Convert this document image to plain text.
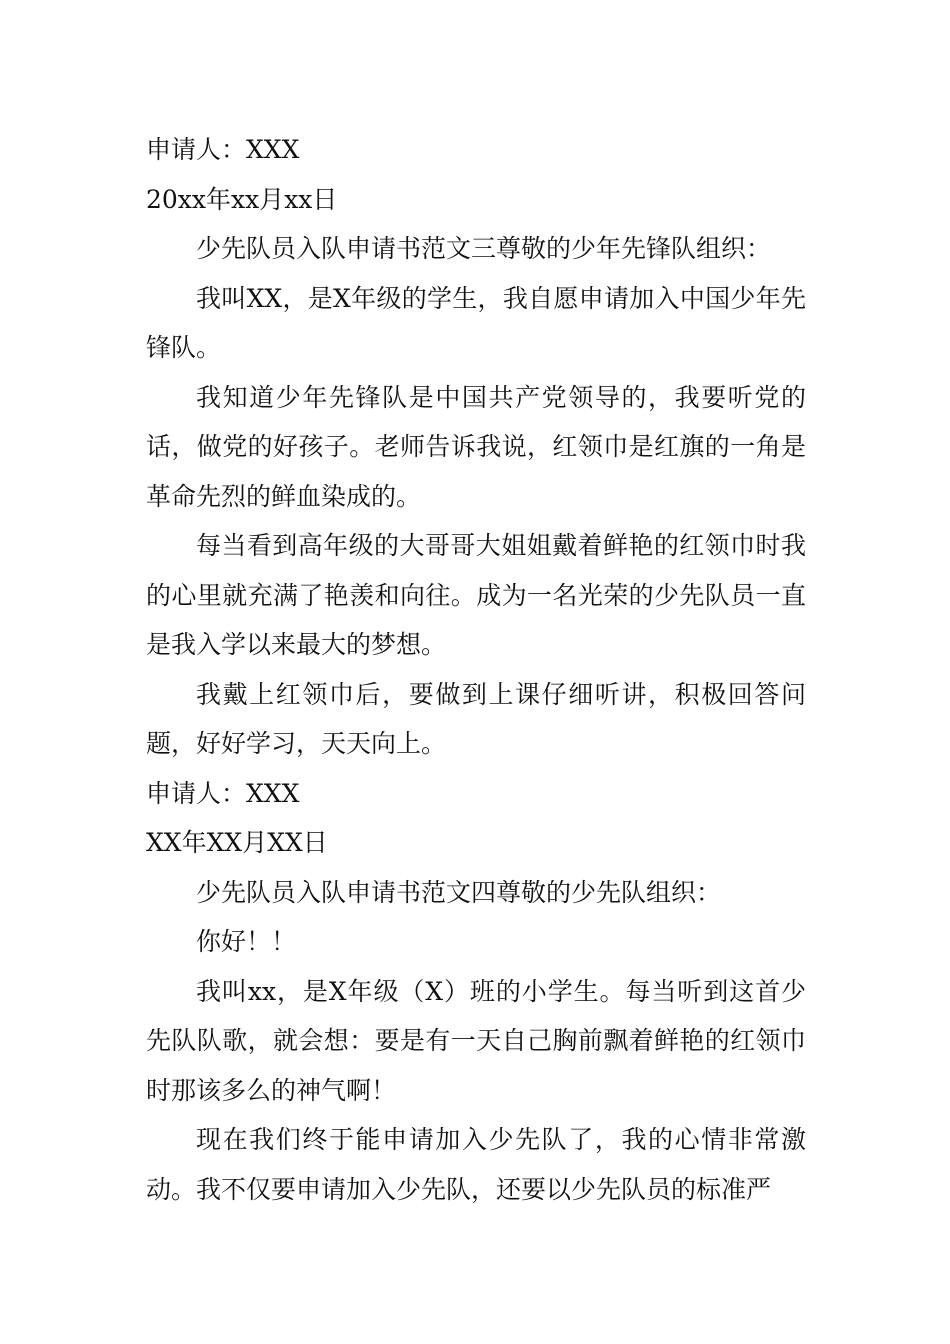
申请人：XXX
20xx年xx月xx日
少先队员入队申请书范文三尊敬的少年先锋队组织：

我叫XX，是X年级的学生，我自愿申请加入中国少年先锋队。

我知道少年先锋队是中国共产党领导的，我要听党的话，做党的好孩子。老师告诉我说，红领巾是红旗的一角是革命先烈的鲜血染成的。

每当看到高年级的大哥哥大姐姐戴着鲜艳的红领巾时我的心里就充满了艳羡和向往。成为一名光荣的少先队员一直是我入学以来最大的梦想。

我戴上红领巾后，要做到上课仔细听讲，积极回答问题，好好学习，天天向上。

申请人：XXX
XX年XX月XX日
少先队员入队申请书范文四尊敬的少先队组织：
你好！！

我叫xx，是X年级（X）班的小学生。每当听到这首少先队队歌，就会想：要是有一天自己胸前飘着鲜艳的红领巾时那该多么的神气啊！

现在我们终于能申请加入少先队了，我的心情非常激动。我不仅要申请加入少先队，还要以少先队员的标准严
